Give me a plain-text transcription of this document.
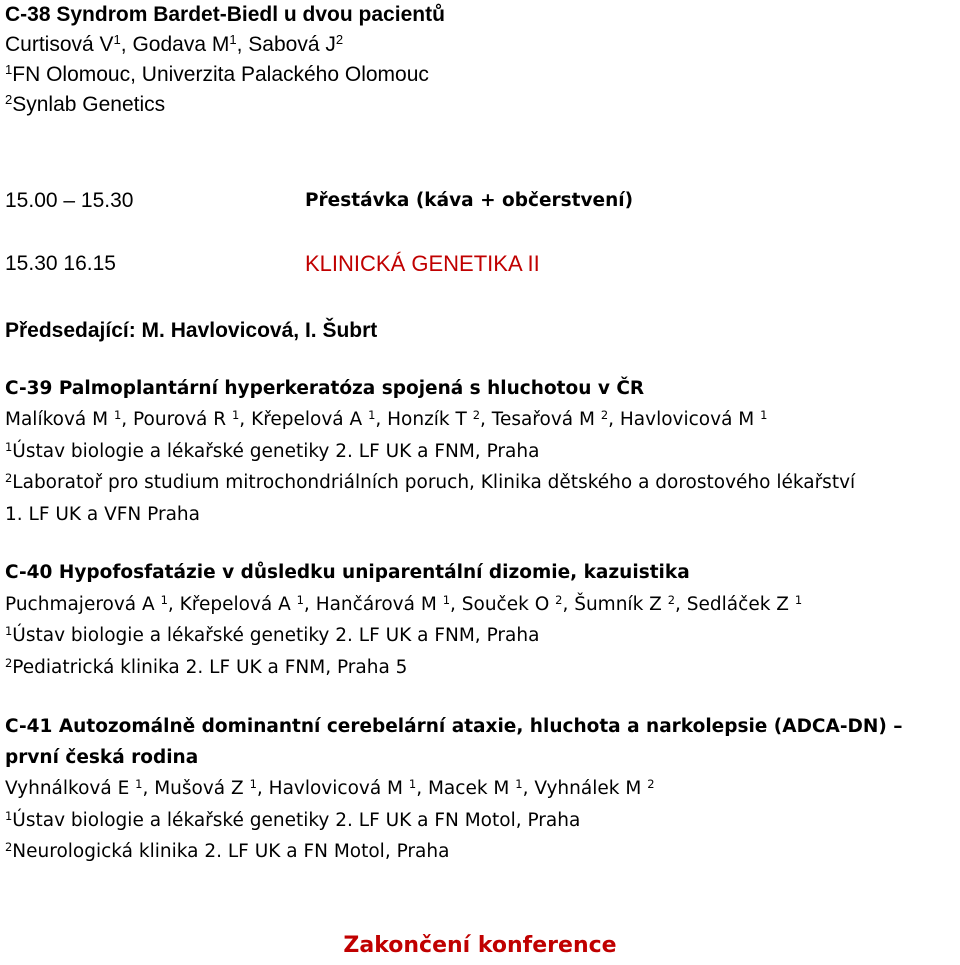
C-38 Syndrom Bardet-Biedl u dvou pacientů
Curtisová $V^1$, Godava $M^1$, Sabová $J^2$
$^1$FN Olomouc, Univerzita Palackého Olomouc
$^2$Synlab Genetics
15.00 – 15.30	Přestávka (káva + občerstvení)
15.30 16.15	KLINICKÁ GENETIKA II
Předsedající: M. Havlovicová, I. Šubrt
C-39 Palmoplantární hyperkeratóza spojená s hluchotou v ČR
Malíková M $^1$, Pourová R $^1$, Křepelová A $^1$, Honzík T $^2$, Tesařová M $^2$, Havlovicová M $^1$
$^1$Ústav biologie a lékařské genetiky 2. LF UK a FNM, Praha
$^2$Laboratoř pro studium mitrochondriálních poruch, Klinika dětského a dorostového lékařství
1. LF UK a VFN Praha
C-40 Hypofosfatázie v důsledku uniparentální dizomie, kazuistika
Puchmajerová A $^1$, Křepelová A $^1$, Hančárová M $^1$, Souček O $^2$, Šumník Z $^2$, Sedláček Z $^1$
$^1$Ústav biologie a lékařské genetiky 2. LF UK a FNM, Praha
$^2$Pediatrická klinika 2. LF UK a FNM, Praha 5
C-41 Autozomálně dominantní cerebelární ataxie, hluchota a narkolepsie (ADCA-DN) –
první česká rodina
Vyhnálková E $^1$, Mušová Z $^1$, Havlovicová M $^1$, Macek M $^1$, Vyhnálek M $^2$
$^1$Ústav biologie a lékařské genetiky 2. LF UK a FN Motol, Praha
$^2$Neurologická klinika 2. LF UK a FN Motol, Praha
Zakončení konference
